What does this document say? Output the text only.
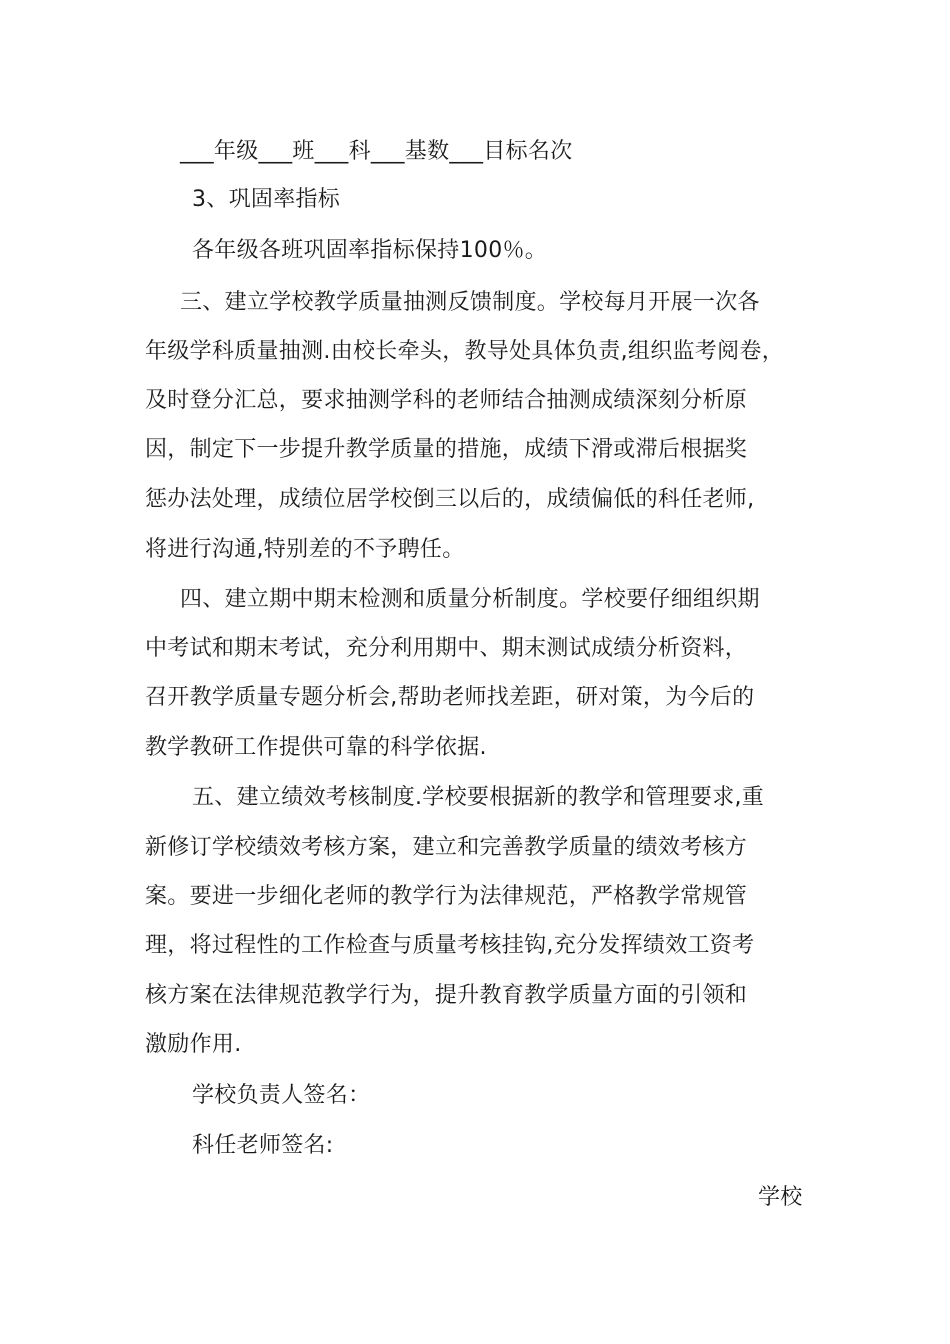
___年级___班___科___基数___目标名次
3、巩固率指标
各年级各班巩固率指标保持100％。
三、建立学校教学质量抽测反馈制度。学校每月开展一次各
年级学科质量抽测.由校长牵头，教导处具体负责,组织监考阅卷，
及时登分汇总，要求抽测学科的老师结合抽测成绩深刻分析原
因，制定下一步提升教学质量的措施，成绩下滑或滞后根据奖
惩办法处理，成绩位居学校倒三以后的，成绩偏低的科任老师,
将进行沟通,特别差的不予聘任。
四、建立期中期末检测和质量分析制度。学校要仔细组织期
中考试和期末考试，充分利用期中、期末测试成绩分析资料，
召开教学质量专题分析会,帮助老师找差距，研对策，为今后的
教学教研工作提供可靠的科学依据.
五、建立绩效考核制度.学校要根据新的教学和管理要求,重
新修订学校绩效考核方案，建立和完善教学质量的绩效考核方
案。要进一步细化老师的教学行为法律规范，严格教学常规管
理，将过程性的工作检查与质量考核挂钩,充分发挥绩效工资考
核方案在法律规范教学行为，提升教育教学质量方面的引领和
激励作用.
学校负责人签名：
科任老师签名:
学校
